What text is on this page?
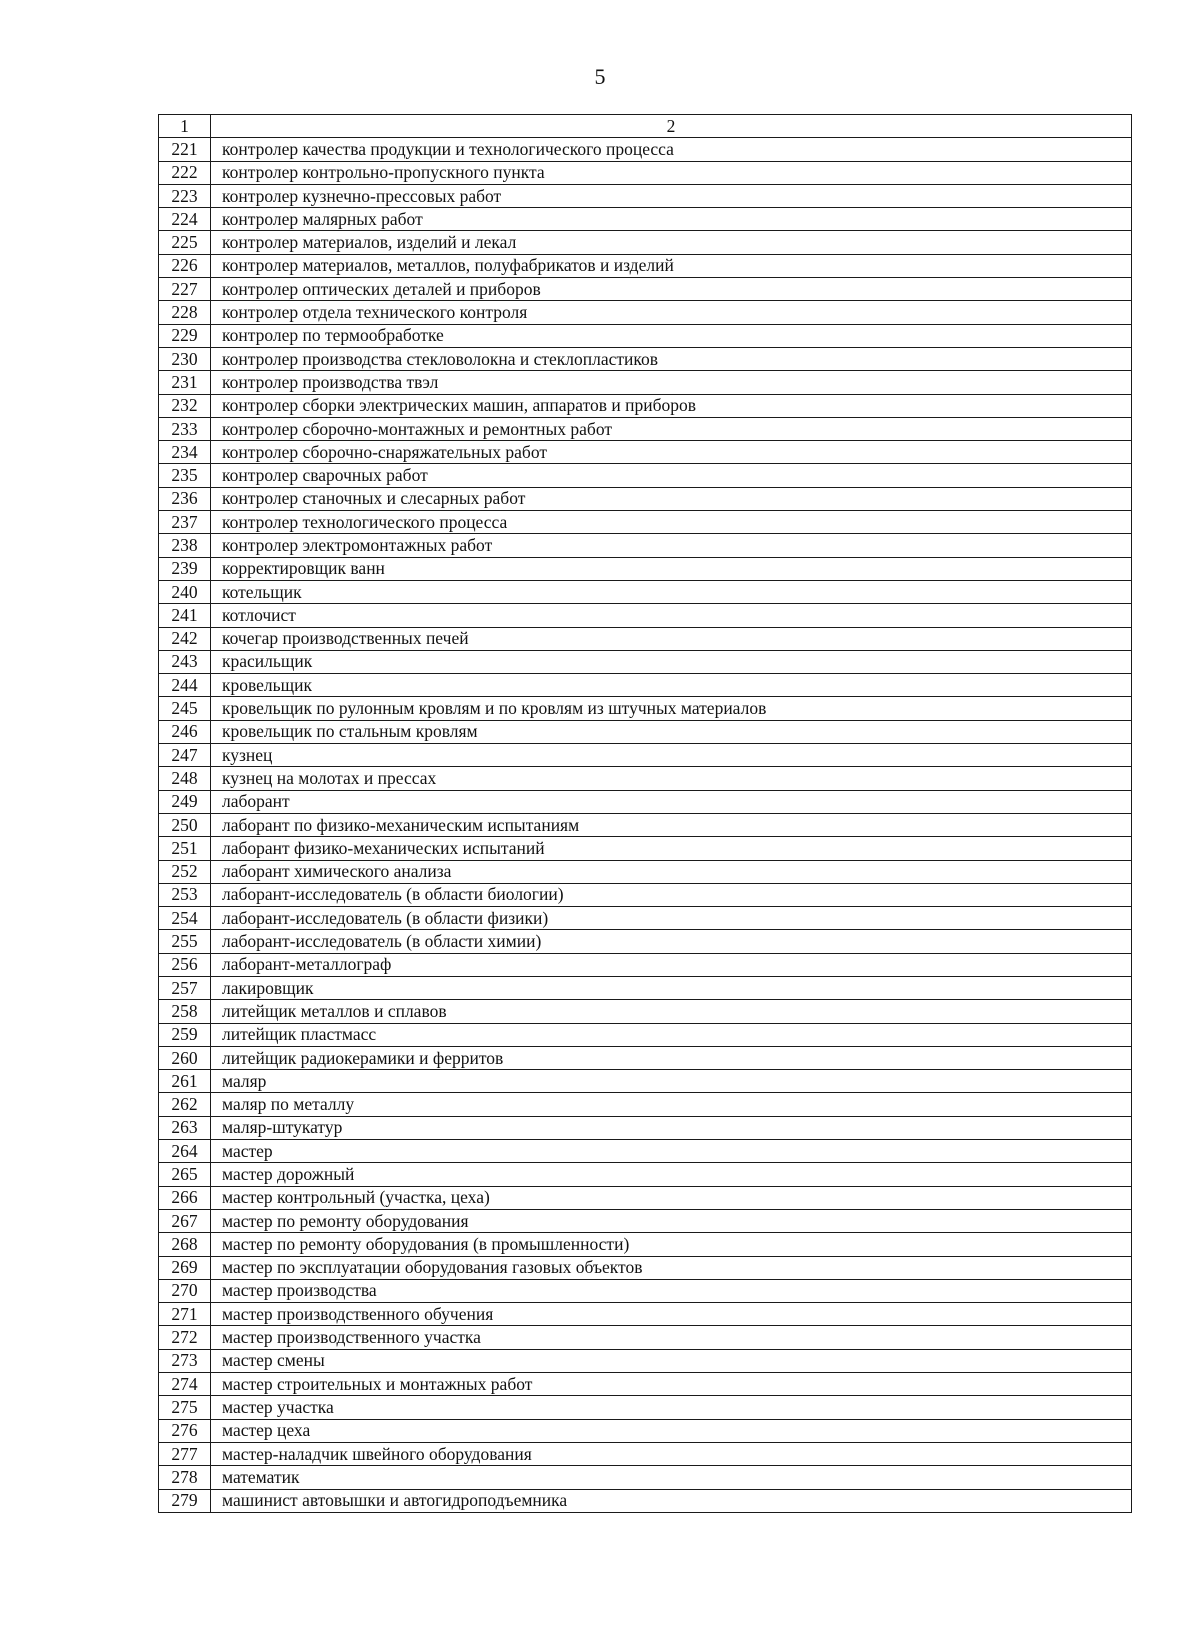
5
1	2
221	контролер качества продукции и технологического процесса
222	контролер контрольно-пропускного пункта
223	контролер кузнечно-прессовых работ
224	контролер малярных работ
225	контролер материалов, изделий и лекал
226	контролер материалов, металлов, полуфабрикатов и изделий
227	контролер оптических деталей и приборов
228	контролер отдела технического контроля
229	контролер по термообработке
230	контролер производства стекловолокна и стеклопластиков
231	контролер производства твэл
232	контролер сборки электрических машин, аппаратов и приборов
233	контролер сборочно-монтажных и ремонтных работ
234	контролер сборочно-снаряжательных работ
235	контролер сварочных работ
236	контролер станочных и слесарных работ
237	контролер технологического процесса
238	контролер электромонтажных работ
239	корректировщик ванн
240	котельщик
241	котлочист
242	кочегар производственных печей
243	красильщик
244	кровельщик
245	кровельщик по рулонным кровлям и по кровлям из штучных материалов
246	кровельщик по стальным кровлям
247	кузнец
248	кузнец на молотах и прессах
249	лаборант
250	лаборант по физико-механическим испытаниям
251	лаборант физико-механических испытаний
252	лаборант химического анализа
253	лаборант-исследователь (в области биологии)
254	лаборант-исследователь (в области физики)
255	лаборант-исследователь (в области химии)
256	лаборант-металлограф
257	лакировщик
258	литейщик металлов и сплавов
259	литейщик пластмасс
260	литейщик радиокерамики и ферритов
261	маляр
262	маляр по металлу
263	маляр-штукатур
264	мастер
265	мастер дорожный
266	мастер контрольный (участка, цеха)
267	мастер по ремонту оборудования
268	мастер по ремонту оборудования (в промышленности)
269	мастер по эксплуатации оборудования газовых объектов
270	мастер производства
271	мастер производственного обучения
272	мастер производственного участка
273	мастер смены
274	мастер строительных и монтажных работ
275	мастер участка
276	мастер цеха
277	мастер-наладчик швейного оборудования
278	математик
279	машинист автовышки и автогидроподъемника
